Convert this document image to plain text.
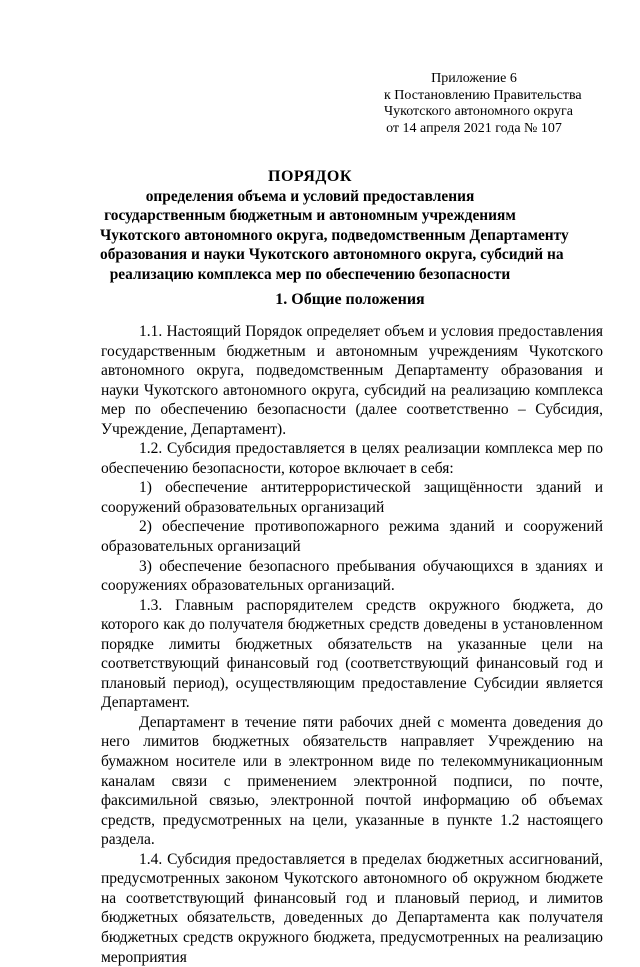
Приложение 6
к Постановлению Правительства
Чукотского автономного округа
от 14 апреля 2021 года № 107
ПОРЯДОК
определения объема и условий предоставления
государственным бюджетным и автономным учреждениям
Чукотского автономного округа, подведомственным Департаменту
образования и науки Чукотского автономного округа, субсидий на
реализацию комплекса мер по обеспечению безопасности
1. Общие положения

1.1. Настоящий Порядок определяет объем и условия предоставления государственным бюджетным и автономным учреждениям Чукотского автономного округа, подведомственным Департаменту образования и науки Чукотского автономного округа, субсидий на реализацию комплекса мер по обеспечению безопасности (далее соответственно – Субсидия, Учреждение, Департамент).

1.2. Субсидия предоставляется в целях реализации комплекса мер по обеспечению безопасности, которое включает в себя:

1) обеспечение антитеррористической защищённости зданий и сооружений образовательных организаций

2) обеспечение противопожарного режима зданий и сооружений образовательных организаций

3) обеспечение безопасного пребывания обучающихся в зданиях и сооружениях образовательных организаций.

1.3. Главным распорядителем средств окружного бюджета, до которого как до получателя бюджетных средств доведены в установленном порядке лимиты бюджетных обязательств на указанные цели на соответствующий финансовый год (соответствующий финансовый год и плановый период), осуществляющим предоставление Субсидии является Департамент.

Департамент в течение пяти рабочих дней с момента доведения до него лимитов бюджетных обязательств направляет Учреждению на бумажном носителе или в электронном виде по телекоммуникационным каналам связи с применением электронной подписи, по почте, факсимильной связью, электронной почтой информацию об объемах средств, предусмотренных на цели, указанные в пункте 1.2 настоящего раздела.

1.4. Субсидия предоставляется в пределах бюджетных ассигнований, предусмотренных законом Чукотского автономного об окружном бюджете на соответствующий финансовый год и плановый период, и лимитов бюджетных обязательств, доведенных до Департамента как получателя бюджетных средств окружного бюджета, предусмотренных на реализацию мероприятия
